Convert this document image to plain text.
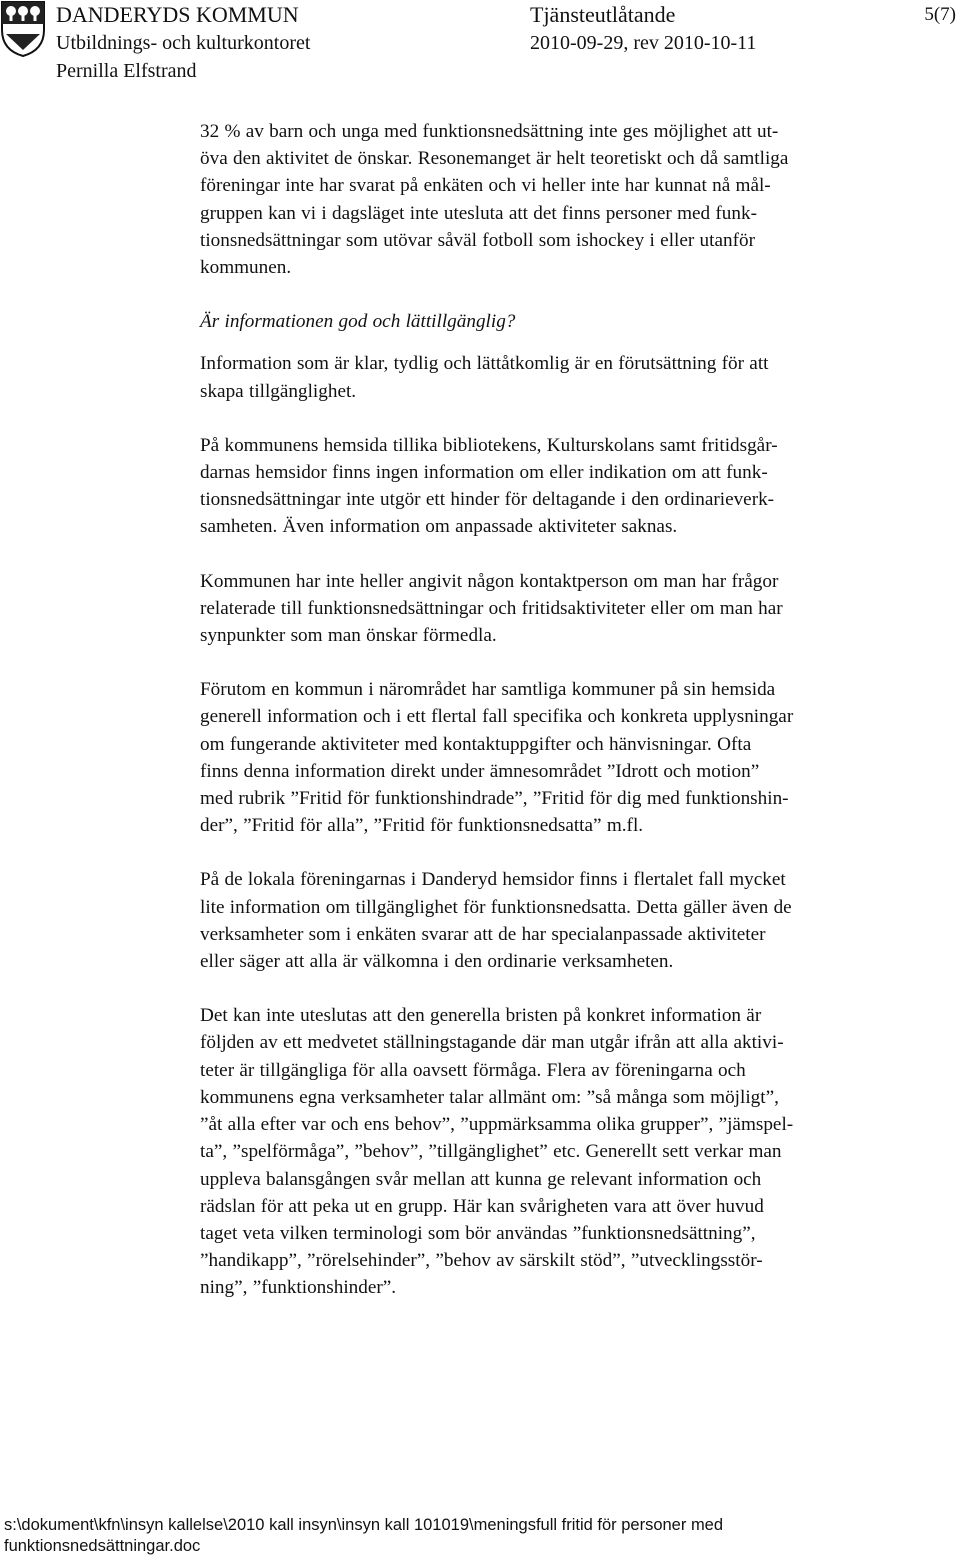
DANDERYDS KOMMUN
Utbildnings- och kulturkontoret
Pernilla Elfstrand
Tjänsteutlåtande
2010-09-29, rev 2010-10-11
5(7)

32 % av barn och unga med funktionsnedsättning inte ges möjlighet att ut-
öva den aktivitet de önskar. Resonemanget är helt teoretiskt och då samtliga
föreningar inte har svarat på enkäten och vi heller inte har kunnat nå mål-
gruppen kan vi i dagsläget inte utesluta att det finns personer med funk-
tionsnedsättningar som utövar såväl fotboll som ishockey i eller utanför
kommunen.

Är informationen god och lättillgänglig?

Information som är klar, tydlig och lättåtkomlig är en förutsättning för att
skapa tillgänglighet.

På kommunens hemsida tillika bibliotekens, Kulturskolans samt fritidsgår-
darnas hemsidor finns ingen information om eller indikation om att funk-
tionsnedsättningar inte utgör ett hinder för deltagande i den ordinarieverk-
samheten. Även information om anpassade aktiviteter saknas.

Kommunen har inte heller angivit någon kontaktperson om man har frågor
relaterade till funktionsnedsättningar och fritidsaktiviteter eller om man har
synpunkter som man önskar förmedla.

Förutom en kommun i närområdet har samtliga kommuner på sin hemsida
generell information och i ett flertal fall specifika och konkreta upplysningar
om fungerande aktiviteter med kontaktuppgifter och hänvisningar. Ofta
finns denna information direkt under ämnesområdet ”Idrott och motion”
med rubrik ”Fritid för funktionshindrade”, ”Fritid för dig med funktionshin-
der”, ”Fritid för alla”, ”Fritid för funktionsnedsatta” m.fl.

På de lokala föreningarnas i Danderyd hemsidor finns i flertalet fall mycket
lite information om tillgänglighet för funktionsnedsatta. Detta gäller även de
verksamheter som i enkäten svarar att de har specialanpassade aktiviteter
eller säger att alla är välkomna i den ordinarie verksamheten.

Det kan inte uteslutas att den generella bristen på konkret information är
följden av ett medvetet ställningstagande där man utgår ifrån att alla aktivi-
teter är tillgängliga för alla oavsett förmåga. Flera av föreningarna och
kommunens egna verksamheter talar allmänt om: ”så många som möjligt”,
”åt alla efter var och ens behov”, ”uppmärksamma olika grupper”, ”jämspel-
ta”, ”spelförmåga”, ”behov”, ”tillgänglighet” etc. Generellt sett verkar man
uppleva balansgången svår mellan att kunna ge relevant information och
rädslan för att peka ut en grupp. Här kan svårigheten vara att över huvud
taget veta vilken terminologi som bör användas ”funktionsnedsättning”,
”handikapp”, ”rörelsehinder”, ”behov av särskilt stöd”, ”utvecklingsstör-
ning”, ”funktionshinder”.

s:\dokument\kfn\insyn kallelse\2010 kall insyn\insyn kall 101019\meningsfull fritid för personer med
funktionsnedsättningar.doc
